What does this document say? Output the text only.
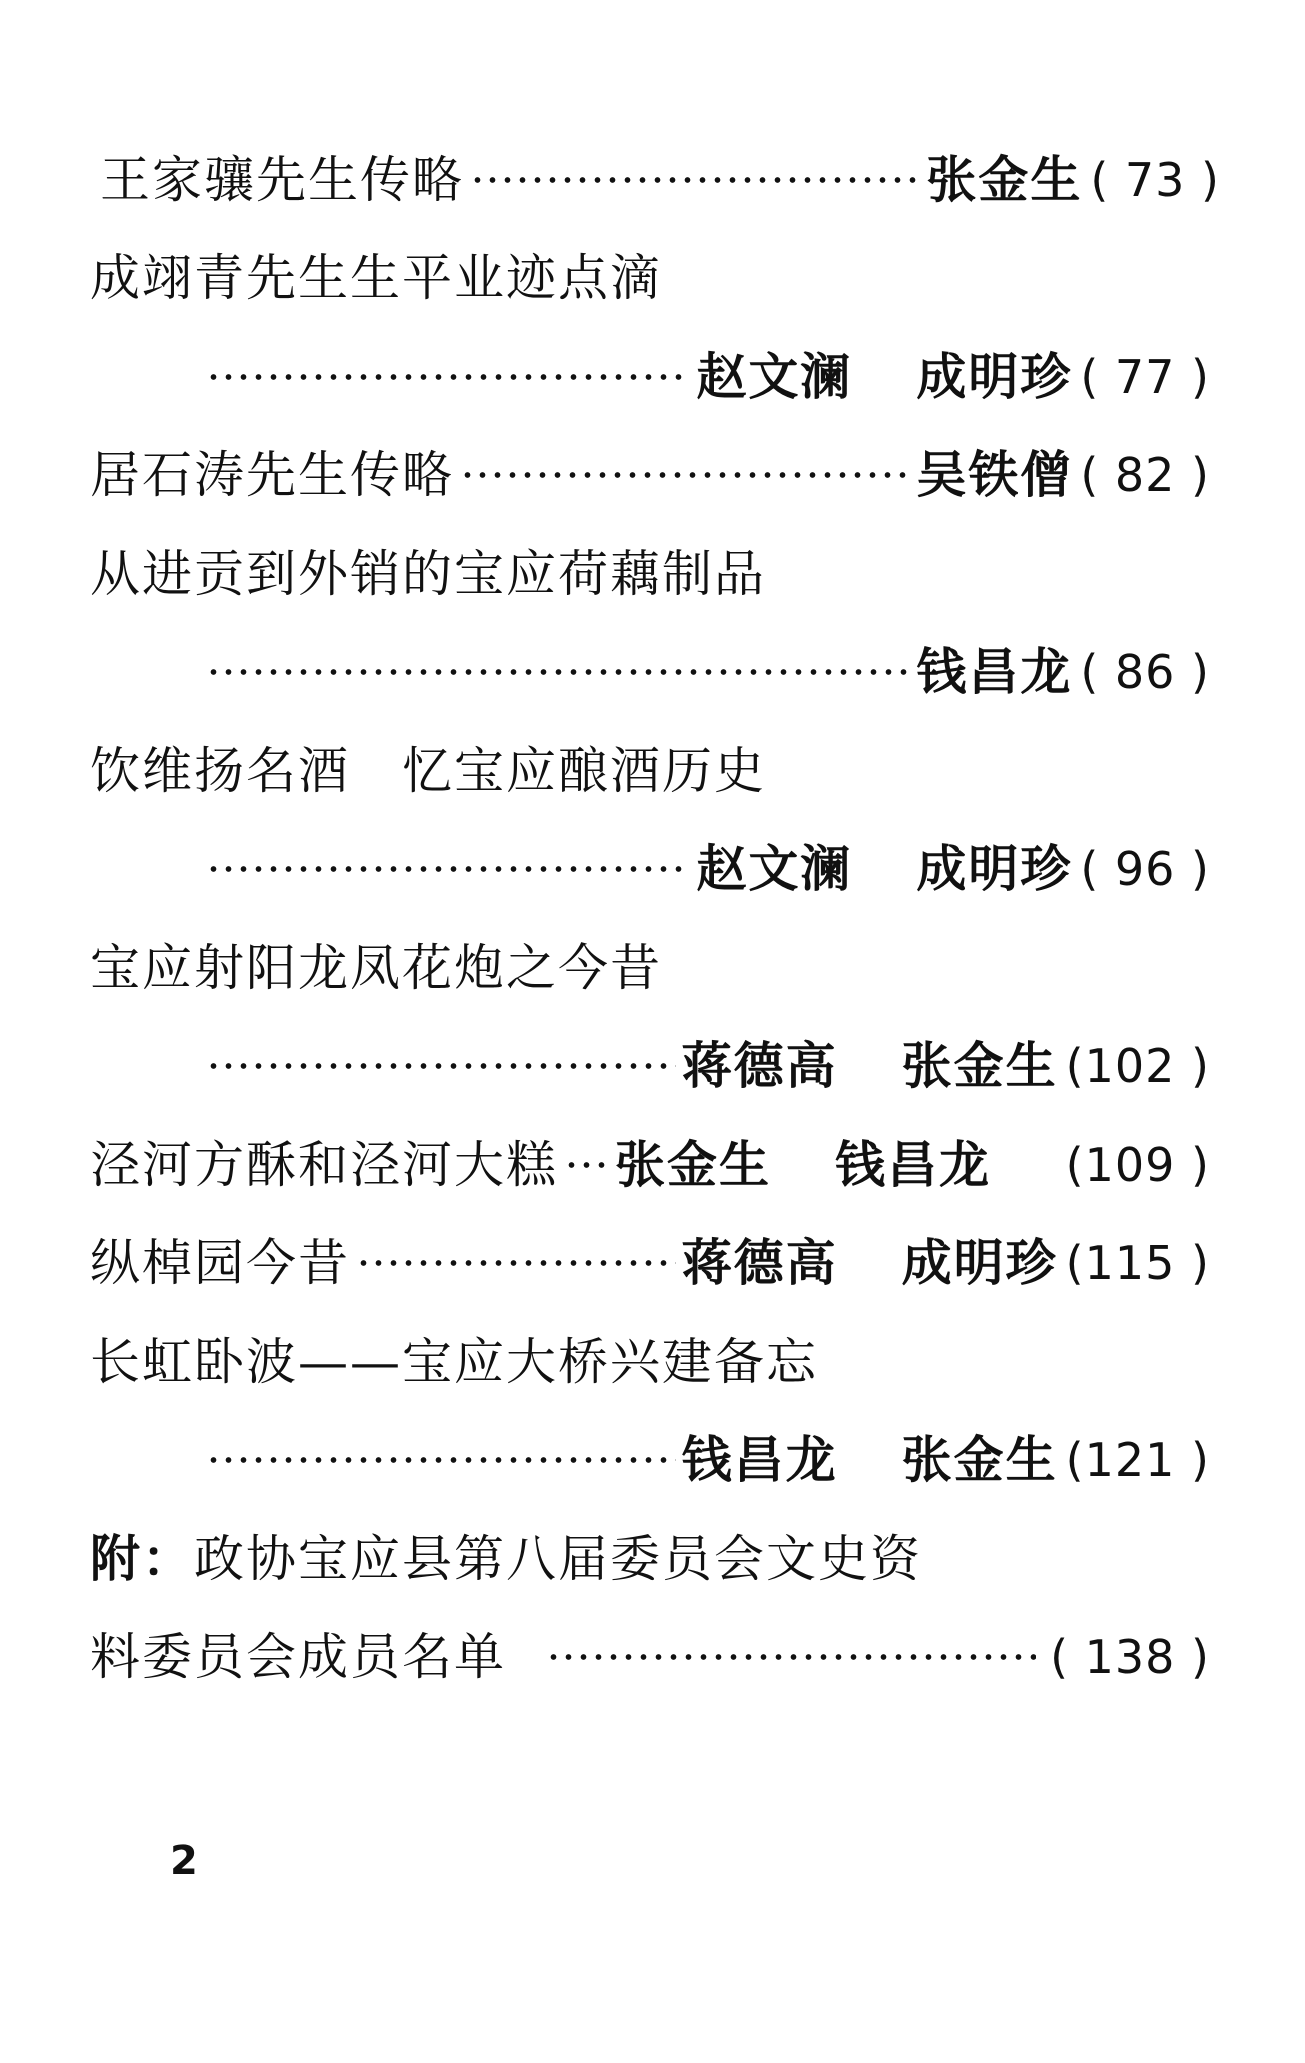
王家骧先生传略	张金生 ( 73 )
成翊青先生生平业迹点滴
赵文澜 成明珍 ( 77 )
居石涛先生传略	吴铁僧 ( 82 )
从进贡到外销的宝应荷藕制品
钱昌龙 ( 86 )
饮维扬名酒　忆宝应酿酒历史
赵文澜 成明珍 ( 96 )
宝应射阳龙凤花炮之今昔
蒋德高 张金生 (102 )
泾河方酥和泾河大糕 张金生 钱昌龙 (109 )
纵棹园今昔	蒋德高 成明珍 (115 )
长虹卧波——宝应大桥兴建备忘
钱昌龙 张金生 (121 )
附： 政协宝应县第八届委员会文史资
料委员会成员名单	( 138 )
2
